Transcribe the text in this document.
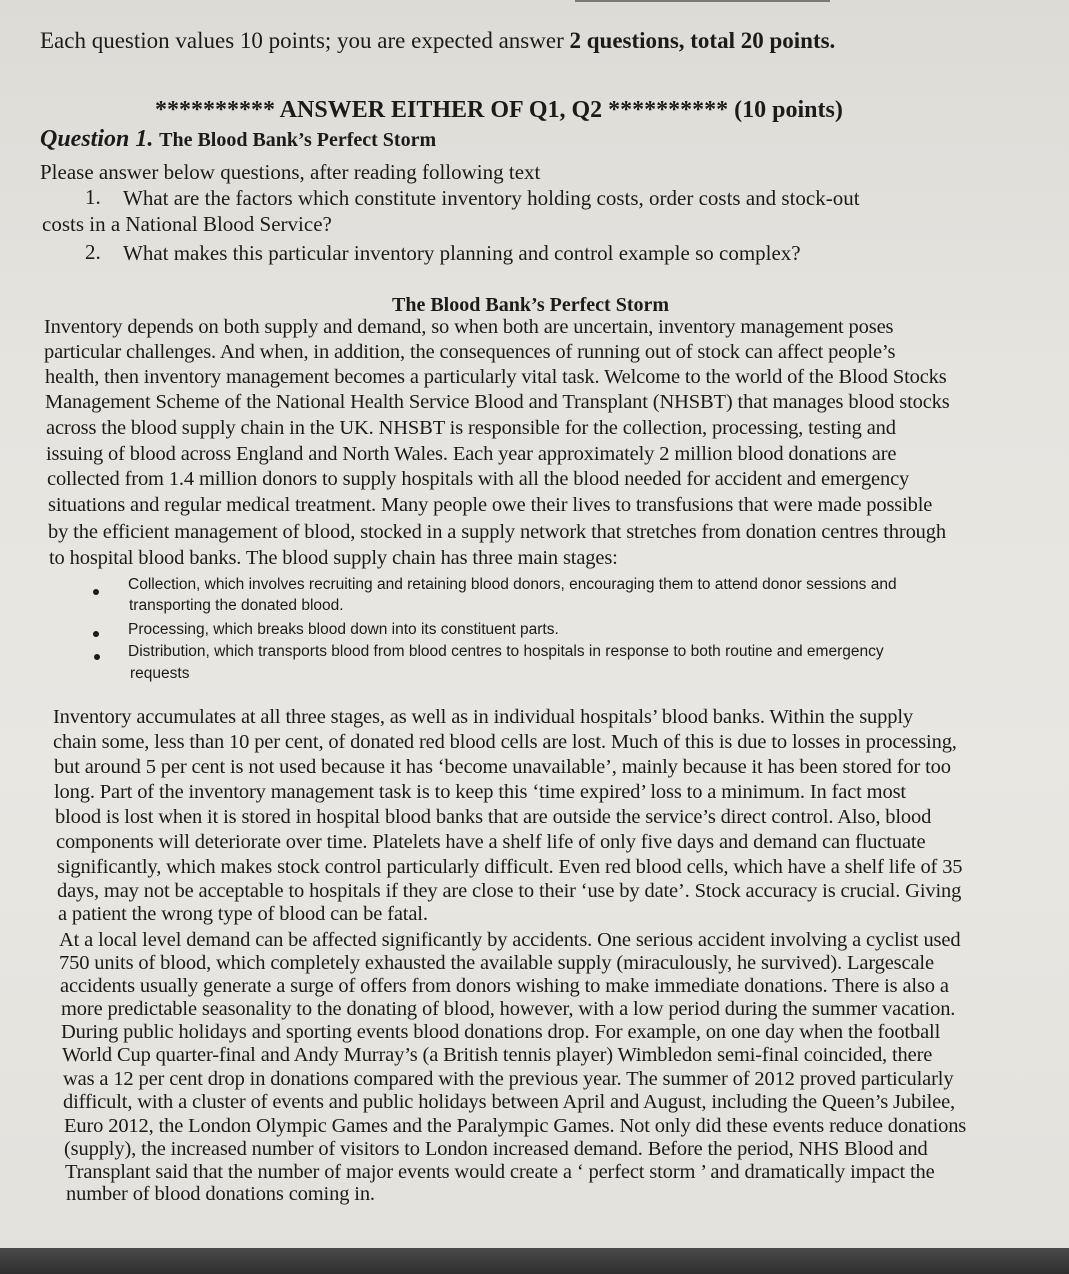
Each question values 10 points; you are expected answer 2 questions, total 20 points.

********** ANSWER EITHER OF Q1, Q2 ********** (10 points)

Question 1. The Blood Bank’s Perfect Storm

Please answer below questions, after reading following text

1. What are the factors which constitute inventory holding costs, order costs and stock-out

costs in a National Blood Service?

2. What makes this particular inventory planning and control example so complex?

The Blood Bank’s Perfect Storm

Inventory depends on both supply and demand, so when both are uncertain, inventory management poses

particular challenges. And when, in addition, the consequences of running out of stock can affect people’s

health, then inventory management becomes a particularly vital task. Welcome to the world of the Blood Stocks

Management Scheme of the National Health Service Blood and Transplant (NHSBT) that manages blood stocks

across the blood supply chain in the UK. NHSBT is responsible for the collection, processing, testing and

issuing of blood across England and North Wales. Each year approximately 2 million blood donations are

collected from 1.4 million donors to supply hospitals with all the blood needed for accident and emergency

situations and regular medical treatment. Many people owe their lives to transfusions that were made possible

by the efficient management of blood, stocked in a supply network that stretches from donation centres through

to hospital blood banks. The blood supply chain has three main stages:

Collection, which involves recruiting and retaining blood donors, encouraging them to attend donor sessions and

transporting the donated blood.

Processing, which breaks blood down into its constituent parts.

Distribution, which transports blood from blood centres to hospitals in response to both routine and emergency

requests

Inventory accumulates at all three stages, as well as in individual hospitals’ blood banks. Within the supply

chain some, less than 10 per cent, of donated red blood cells are lost. Much of this is due to losses in processing,

but around 5 per cent is not used because it has ‘become unavailable’, mainly because it has been stored for too

long. Part of the inventory management task is to keep this ‘time expired’ loss to a minimum. In fact most

blood is lost when it is stored in hospital blood banks that are outside the service’s direct control. Also, blood

components will deteriorate over time. Platelets have a shelf life of only five days and demand can fluctuate

significantly, which makes stock control particularly difficult. Even red blood cells, which have a shelf life of 35

days, may not be acceptable to hospitals if they are close to their ‘use by date’. Stock accuracy is crucial. Giving

a patient the wrong type of blood can be fatal.

At a local level demand can be affected significantly by accidents. One serious accident involving a cyclist used

750 units of blood, which completely exhausted the available supply (miraculously, he survived). Largescale

accidents usually generate a surge of offers from donors wishing to make immediate donations. There is also a

more predictable seasonality to the donating of blood, however, with a low period during the summer vacation.

During public holidays and sporting events blood donations drop. For example, on one day when the football

World Cup quarter-final and Andy Murray’s (a British tennis player) Wimbledon semi-final coincided, there

was a 12 per cent drop in donations compared with the previous year. The summer of 2012 proved particularly

difficult, with a cluster of events and public holidays between April and August, including the Queen’s Jubilee,

Euro 2012, the London Olympic Games and the Paralympic Games. Not only did these events reduce donations

(supply), the increased number of visitors to London increased demand. Before the period, NHS Blood and

Transplant said that the number of major events would create a ‘ perfect storm ’ and dramatically impact the

number of blood donations coming in.
